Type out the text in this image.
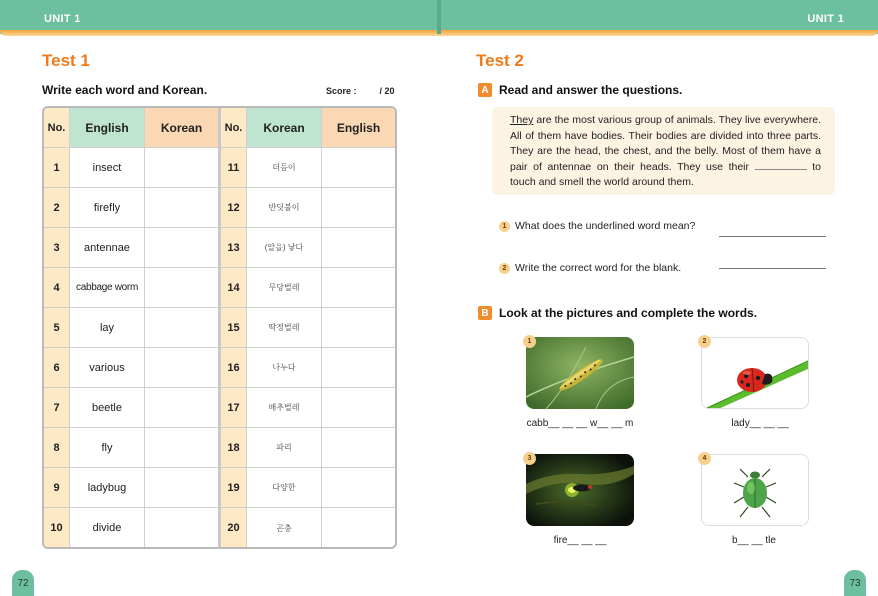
UNIT 1	UNIT 1
Test 1
Write each word and Korean.	Score :	/ 20
No.	English	Korean
1	insect
2	firefly
3	antennae
4	cabbage worm
5	lay
6	various
7	beetle
8	fly
9	ladybug
10	divide
No.	Korean	English
11	더듬이
12	반딧불이
13	(알을) 낳다
14	무당벌레
15	딱정벌레
16	나누다
17	배추벌레
18	파리
19	다양한
20	곤충
Test 2
A Read and answer the questions.
They are the most various group of animals. They live everywhere. All of them have bodies. Their bodies are divided into three parts. They are the head, the chest, and the belly. Most of them have a pair of antennae on their heads. They use their	to touch and smell the world around them.
1 What does the underlined word mean?
2 Write the correct word for the blank.
B Look at the pictures and complete the words.
1
cabb__ __ __ w__ __ m
2
lady__ __ __
3
fire__ __ __
4
b__ __ tle
72	73
